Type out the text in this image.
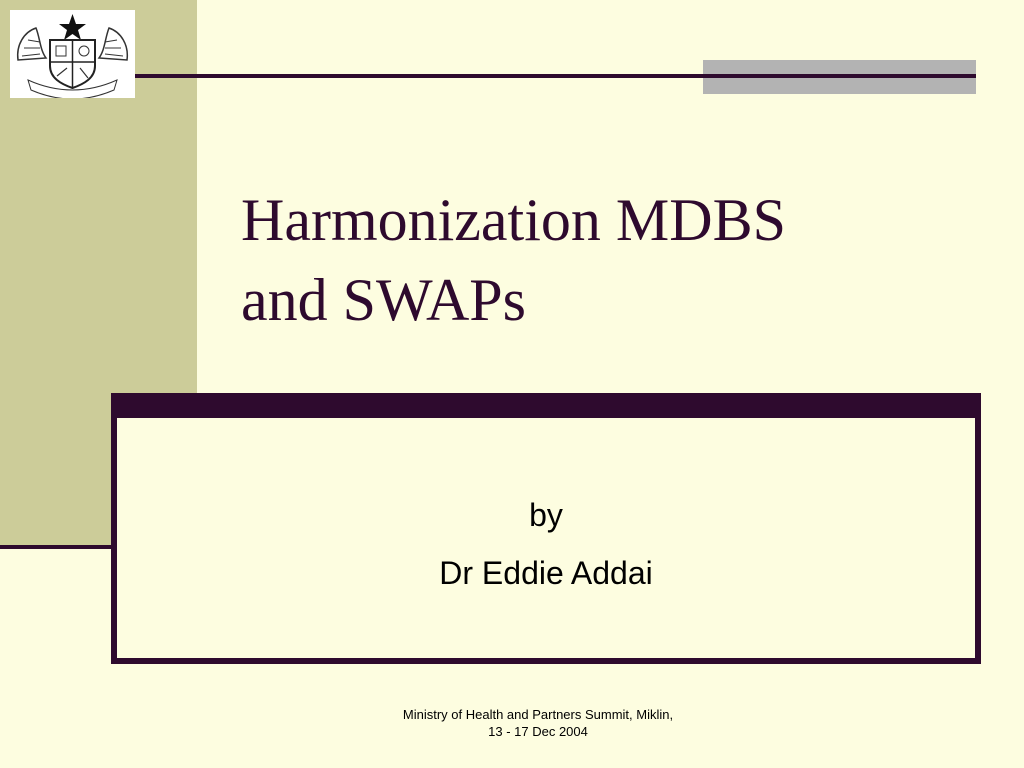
Harmonization MDBS
and SWAPs
by
Dr Eddie Addai
Ministry of Health and Partners Summit, Miklin,
13 - 17 Dec 2004
